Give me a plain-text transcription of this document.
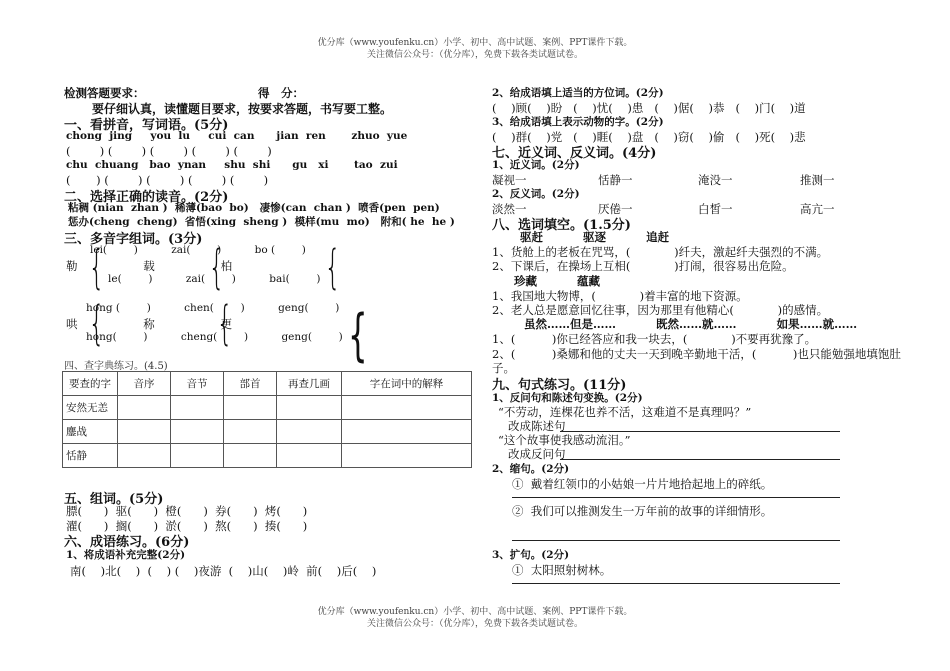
优分库（www.youfenku.cn）小学、初中、高中试题、案例、PPT课件下载。
关注微信公众号：（优分库），免费下载各类试题试卷。
检测答题要求：	得　分：
要仔细认真，读懂题目要求，按要求答题，书写要工整。
一、看拼音，写词语。(5分)
chong  jing     you  lu     cui  can      jian  ren       zhuo  yue
(        ) (        ) (        ) (        ) (        )
chu  chuang   bao  ynan     shu  shi      gu   xi       tao  zui
(       ) (        ) (        ) (        ) (        )
二、选择正确的读音。(2分)
粘稠 (nian  zhan )  稀薄(bao  bo)   凄惨(can  chan )  喷香(pen  pen)
惩办(cheng  cheng)  省悟(xing  sheng )  模样(mu  mo)   附和( he  he )
三、多音字组词。(3分)
lei(        )          zai(        )          bo (        )
勒                  载                  柏
le(        )          zai(        )          bai(        )
{ { {
hong (        )          chen(        )          geng(        )
哄                  称                  更
hong(        )          cheng(        )          geng(        )
{ { {
四、查字典练习。(4.5)
要查的字	音序	音节	部首	再查几画	字在词中的解释
安然无恙					
鏖战					
恬静					
五、组词。(5分)
膘(      )  驱(      )  橙(      )  券(      )  烤(      )
濯(      )  搁(      )  淤(      )  熬(      )  揍(      )
六、成语练习。(6分)
1、将成语补充完整(2分)
南(    )北(    )  (    ) (    )夜游  (    )山(    )岭  前(    )后(    )
2、给成语填上适当的方位词。(2分)
(    )顾(    )盼   (    )忧(    )患   (    )倨(    )恭   (    )门(    )道
3、给成语填上表示动物的字。(2分)
(    )群(    )党   (    )睚(    )盘   (    )窃(    )偷   (    )死(    )悲
七、近义词、反义词。(4分)
1、近义词。(2分)
凝视一	恬静一	淹没一	推测一
2、反义词。(2分)
淡然一	厌倦一	白皙一	高亢一
八、选词填空。(1.5分)
驱赶          驱逐          追赶
1、货舱上的老板在咒骂，(            )纤夫，激起纤夫强烈的不满。
2、下课后，在操场上互相(            )打闹，很容易出危险。
珍藏          蕴藏
1、我国地大物博，(            )着丰富的地下资源。
2、老人总是愿意回忆往事，因为那里有他精心(            )的感情。
虽然……但是……          既然……就……          如果……就……
1、(          )你已经答应和我一块去，(            )不要再犹豫了。
2、(          )桑娜和他的丈夫一天到晚辛勤地干活，(          )也只能勉强地填饱肚
子。
九、句式练习。(11分)
1、反问句和陈述句变换。(2分)
“不劳动，连棵花也养不活，这难道不是真理吗？”
改成陈述句
“这个故事使我感动流泪。”
改成反问句
2、缩句。(2分)
①  戴着红领巾的小姑娘一片片地拾起地上的碎纸。
②  我们可以推测发生一万年前的故事的详细情形。
3、扩句。(2分)
①  太阳照射树林。
优分库（www.youfenku.cn）小学、初中、高中试题、案例、PPT课件下载。
关注微信公众号：（优分库），免费下载各类试题试卷。
